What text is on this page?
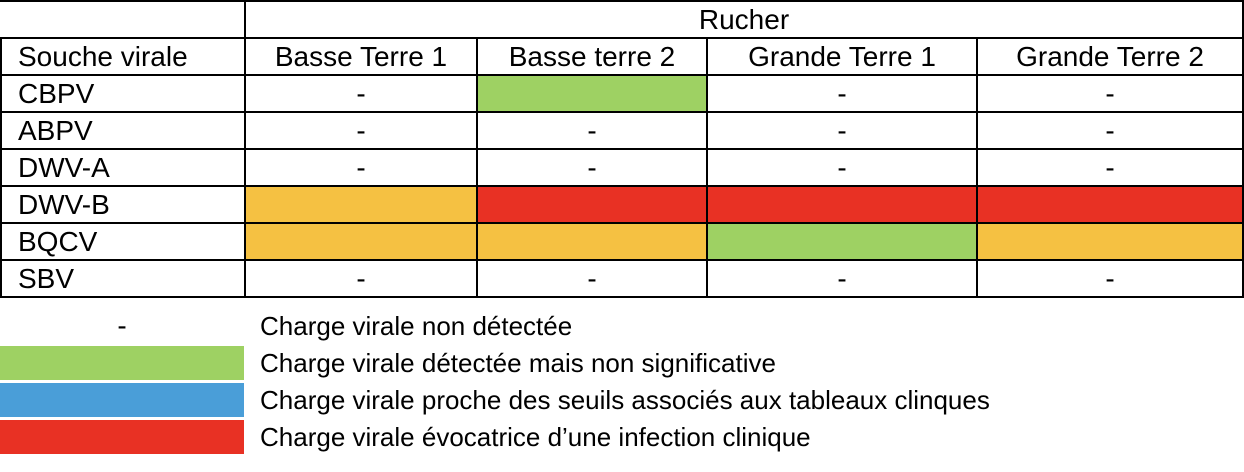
	Rucher			
Souche virale	Basse Terre 1	Basse terre 2	Grande Terre 1	Grande Terre 2
CBPV	-		-	-
ABPV	-	-	-	-
DWV-A	-	-	-	-
DWV-B				
BQCV				
SBV	-	-	-	-
-	Charge virale non détectée
Charge virale détectée mais non significative
Charge virale proche des seuils associés aux tableaux clinques
Charge virale évocatrice d’une infection clinique
